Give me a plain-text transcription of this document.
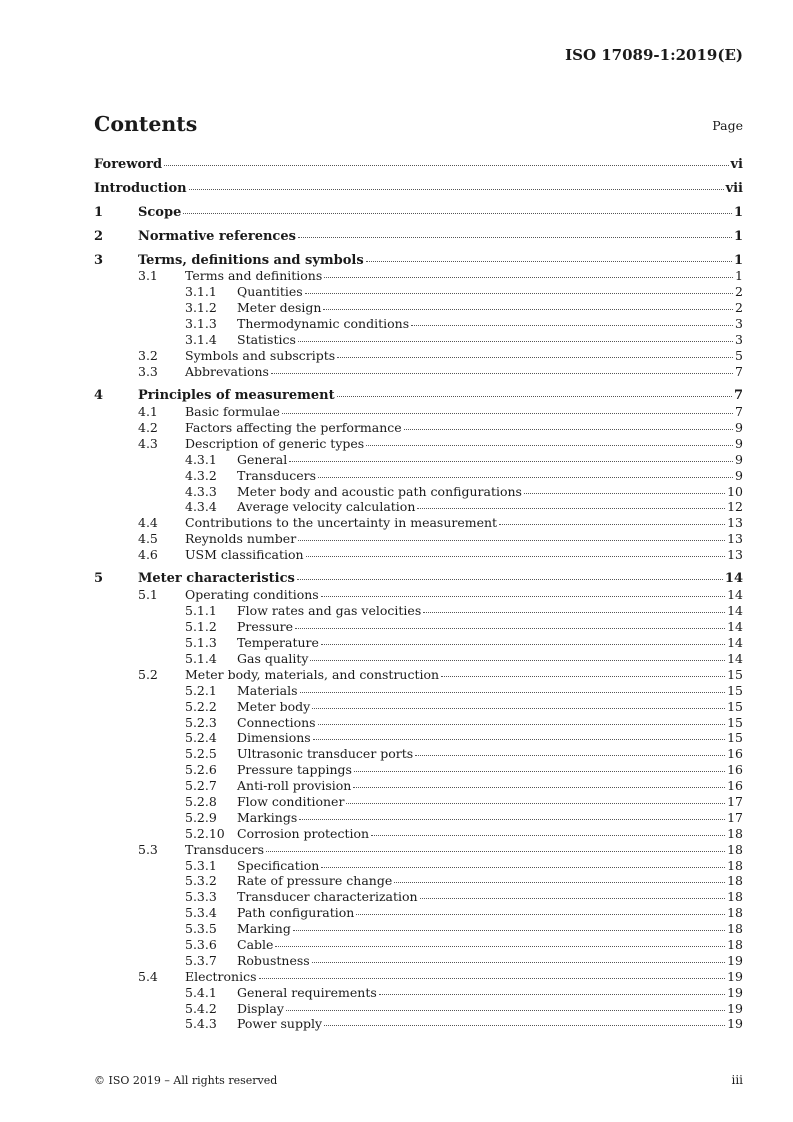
ISO 17089-1:2019(E)
Contents	Page
Foreword	vi
Introduction	vii
1	Scope	1
2	Normative references	1
3	Terms, definitions and symbols	1
3.1	Terms and definitions	1
3.1.1	Quantities	2
3.1.2	Meter design	2
3.1.3	Thermodynamic conditions	3
3.1.4	Statistics	3
3.2	Symbols and subscripts	5
3.3	Abbrevations	7
4	Principles of measurement	7
4.1	Basic formulae	7
4.2	Factors affecting the performance	9
4.3	Description of generic types	9
4.3.1	General	9
4.3.2	Transducers	9
4.3.3	Meter body and acoustic path configurations	10
4.3.4	Average velocity calculation	12
4.4	Contributions to the uncertainty in measurement	13
4.5	Reynolds number	13
4.6	USM classification	13
5	Meter characteristics	14
5.1	Operating conditions	14
5.1.1	Flow rates and gas velocities	14
5.1.2	Pressure	14
5.1.3	Temperature	14
5.1.4	Gas quality	14
5.2	Meter body, materials, and construction	15
5.2.1	Materials	15
5.2.2	Meter body	15
5.2.3	Connections	15
5.2.4	Dimensions	15
5.2.5	Ultrasonic transducer ports	16
5.2.6	Pressure tappings	16
5.2.7	Anti-roll provision	16
5.2.8	Flow conditioner	17
5.2.9	Markings	17
5.2.10 Corrosion protection	18
5.3	Transducers	18
5.3.1	Specification	18
5.3.2	Rate of pressure change	18
5.3.3	Transducer characterization	18
5.3.4	Path configuration	18
5.3.5	Marking	18
5.3.6	Cable	18
5.3.7	Robustness	19
5.4	Electronics	19
5.4.1	General requirements	19
5.4.2	Display	19
5.4.3	Power supply	19
© ISO 2019 – All rights reserved	iii
